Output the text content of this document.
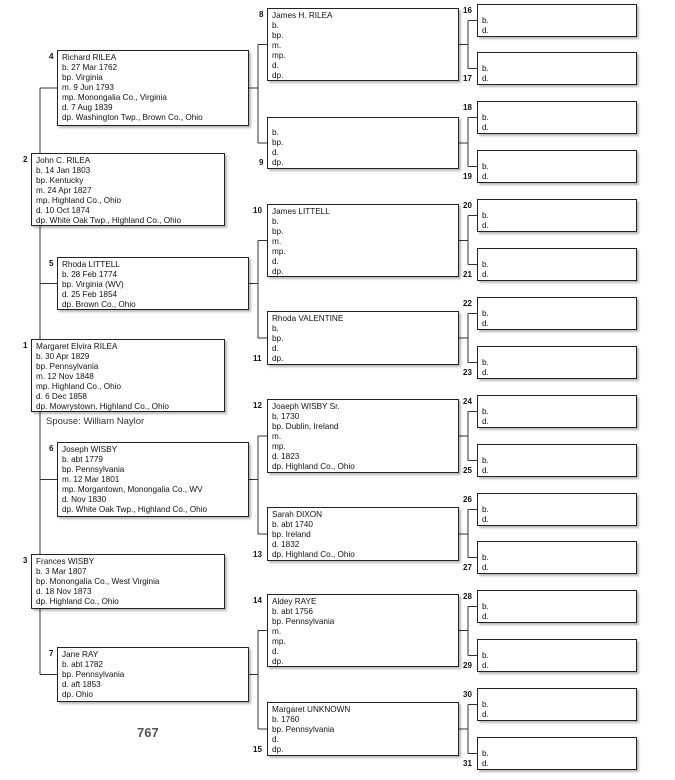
Margaret Elvira RILEA
b. 30 Apr 1829
bp. Pennsylvania
m. 12 Nov 1848
mp. Highland Co., Ohio
d. 6 Dec 1858
dp. Mowrystown, Highland Co., Ohio
1
John C. RILEA
b. 14 Jan 1803
bp. Kentucky
m. 24 Apr 1827
mp. Highland Co., Ohio
d. 10 Oct 1874
dp. White Oak Twp., Highland Co., Ohio
2
Frances WISBY
b. 3 Mar 1807
bp. Monongalia Co., West Virginia
d. 18 Nov 1873
dp. Highland Co., Ohio
3
Richard RILEA
b. 27 Mar 1762
bp. Virginia
m. 9 Jun 1793
mp. Monongalia Co., Virginia
d. 7 Aug 1839
dp. Washington Twp., Brown Co., Ohio
4
Rhoda LITTELL
b. 28 Feb 1774
bp. Virginia (WV)
d. 25 Feb 1854
dp. Brown Co., Ohio
5
Joseph WISBY
b. abt 1779
bp. Pennsylvania
m. 12 Mar 1801
mp. Morgantown, Monongalia Co., WV
d. Nov 1830
dp. White Oak Twp., Highland Co., Ohio
6
Jane RAY
b. abt 1782
bp. Pennsylvania
d. aft 1853
dp. Ohio
7
James H. RILEA
b.
bp.
m.
mp.
d.
dp.
8
b.
bp.
d.
dp.
9
James LITTELL
b.
bp.
m.
mp.
d.
dp.
10
Rhoda VALENTINE
b.
bp.
d.
dp.
11
Joaeph WISBY Sr.
b. 1730
bp. Dublin, Ireland
m.
mp.
d. 1823
dp. Highland Co., Ohio
12
Sarah DIXON
b. abt 1740
bp. Ireland
d. 1832
dp. Highland Co., Ohio
13
Aldey RAYE
b. abt 1756
bp. Pennsylvania
m.
mp.
d.
dp.
14
Margaret UNKNOWN
b. 1760
bp. Pennsylvania
d.
dp.
15
b.
d.
16
b.
d.
17
b.
d.
18
b.
d.
19
b.
d.
20
b.
d.
21
b.
d.
22
b.
d.
23
b.
d.
24
b.
d.
25
b.
d.
26
b.
d.
27
b.
d.
28
b.
d.
29
b.
d.
30
b.
d.
31
Spouse: William Naylor
767
